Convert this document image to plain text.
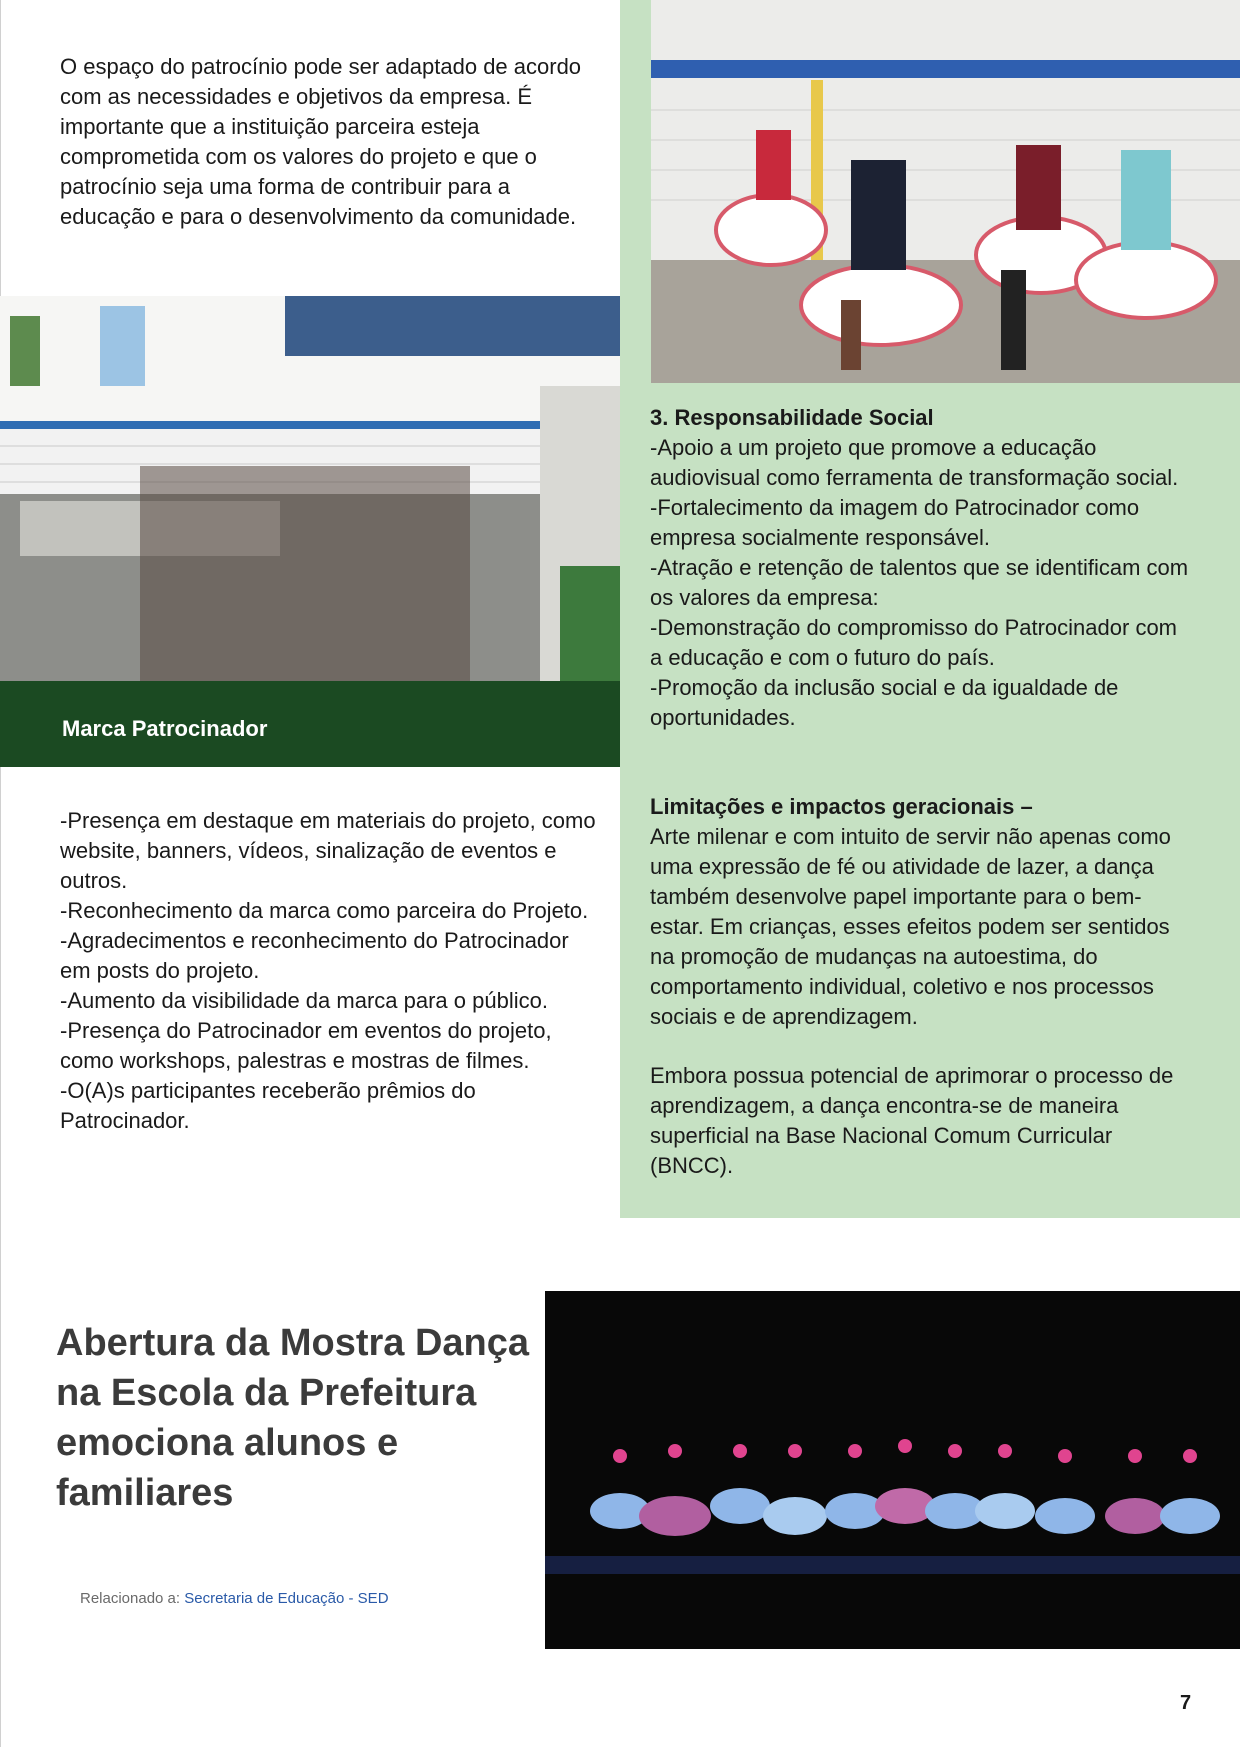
O espaço do patrocínio pode ser adaptado de acordo com as necessidades e objetivos da empresa. É importante que a instituição parceira esteja comprometida com os valores do projeto e que o patrocínio seja uma forma de contribuir para a educação e para o desenvolvimento da comunidade.

3. Responsabilidade Social

-Apoio a um projeto que promove a educação audiovisual como ferramenta de transformação social.

-Fortalecimento da imagem do Patrocinador como empresa socialmente responsável.

-Atração e retenção de talentos que se identificam com os valores da empresa:

-Demonstração do compromisso do Patrocinador com a educação e com o futuro do país.

-Promoção da inclusão social e da igualdade de oportunidades.

Limitações e impactos geracionais –

Arte milenar e com intuito de servir não apenas como uma expressão de fé ou atividade de lazer, a dança também desenvolve papel importante para o bem-estar. Em crianças, esses efeitos podem ser sentidos na promoção de mudanças na autoestima, do comportamento individual, coletivo e nos processos sociais e de aprendizagem.

Embora possua potencial de aprimorar o processo de aprendizagem, a dança encontra-se de maneira superficial na Base Nacional Comum Curricular (BNCC).
Marca Patrocinador

-Presença em destaque em materiais do projeto, como website, banners, vídeos, sinalização de eventos e outros.

-Reconhecimento da marca como parceira do Projeto.

-Agradecimentos e reconhecimento do Patrocinador em posts do projeto.

-Aumento da visibilidade da marca para o público.

-Presença do Patrocinador em eventos do projeto, como workshops, palestras e mostras de filmes.

-O(A)s participantes receberão prêmios do Patrocinador.

Abertura da Mostra Dança na Escola da Prefeitura emociona alunos e familiares
Relacionado a: Secretaria de Educação - SED
7
